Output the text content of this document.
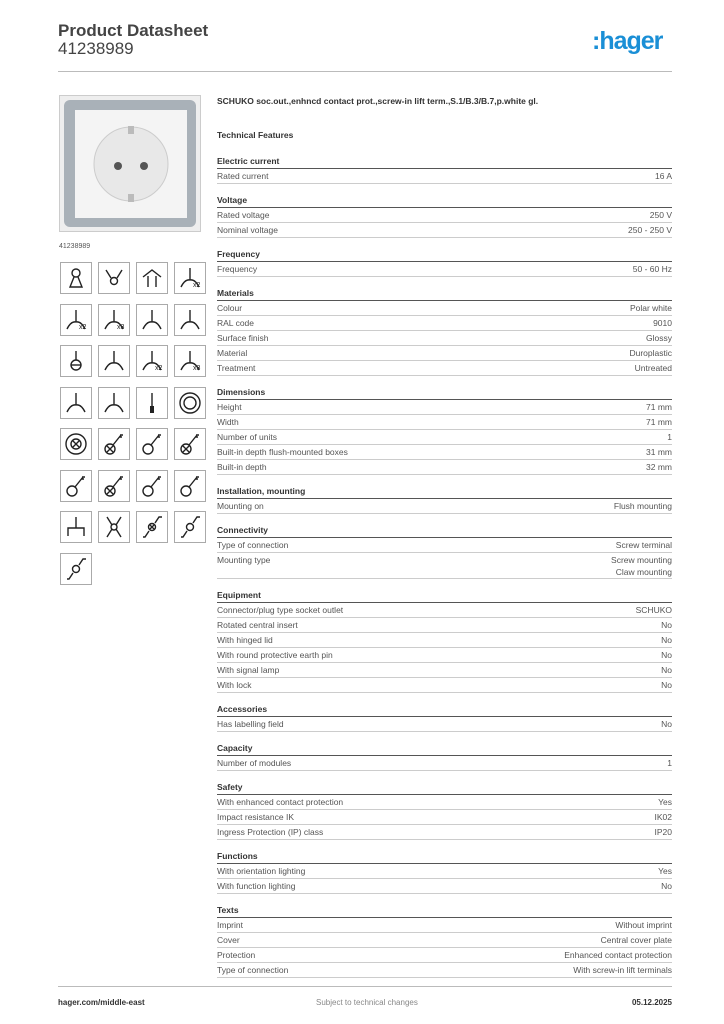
Product Datasheet
41238989	:hager
41238989
x2
x2	x3
x2	x3
SCHUKO soc.out.,enhncd contact prot.,screw-in lift term.,S.1/B.3/B.7,p.white gl.
Technical Features
Electric current
Rated current	16 A
Voltage
Rated voltage	250 V
Nominal voltage	250 - 250 V
Frequency
Frequency	50 - 60 Hz
Materials
Colour	Polar white
RAL code	9010
Surface finish	Glossy
Material	Duroplastic
Treatment	Untreated
Dimensions
Height	71 mm
Width	71 mm
Number of units	1
Built-in depth flush-mounted boxes	31 mm
Built-in depth	32 mm
Installation, mounting
Mounting on	Flush mounting
Connectivity
Type of connection	Screw terminal
Mounting type	Screw mounting
Claw mounting
Equipment
Connector/plug type socket outlet	SCHUKO
Rotated central insert	No
With hinged lid	No
With round protective earth pin	No
With signal lamp	No
With lock	No
Accessories
Has labelling field	No
Capacity
Number of modules	1
Safety
With enhanced contact protection	Yes
Impact resistance IK	IK02
Ingress Protection (IP) class	IP20
Functions
With orientation lighting	Yes
With function lighting	No
Texts
Imprint	Without imprint
Cover	Central cover plate
Protection	Enhanced contact protection
Type of connection	With screw-in lift terminals
hager.com/middle-east	Subject to technical changes	05.12.2025
